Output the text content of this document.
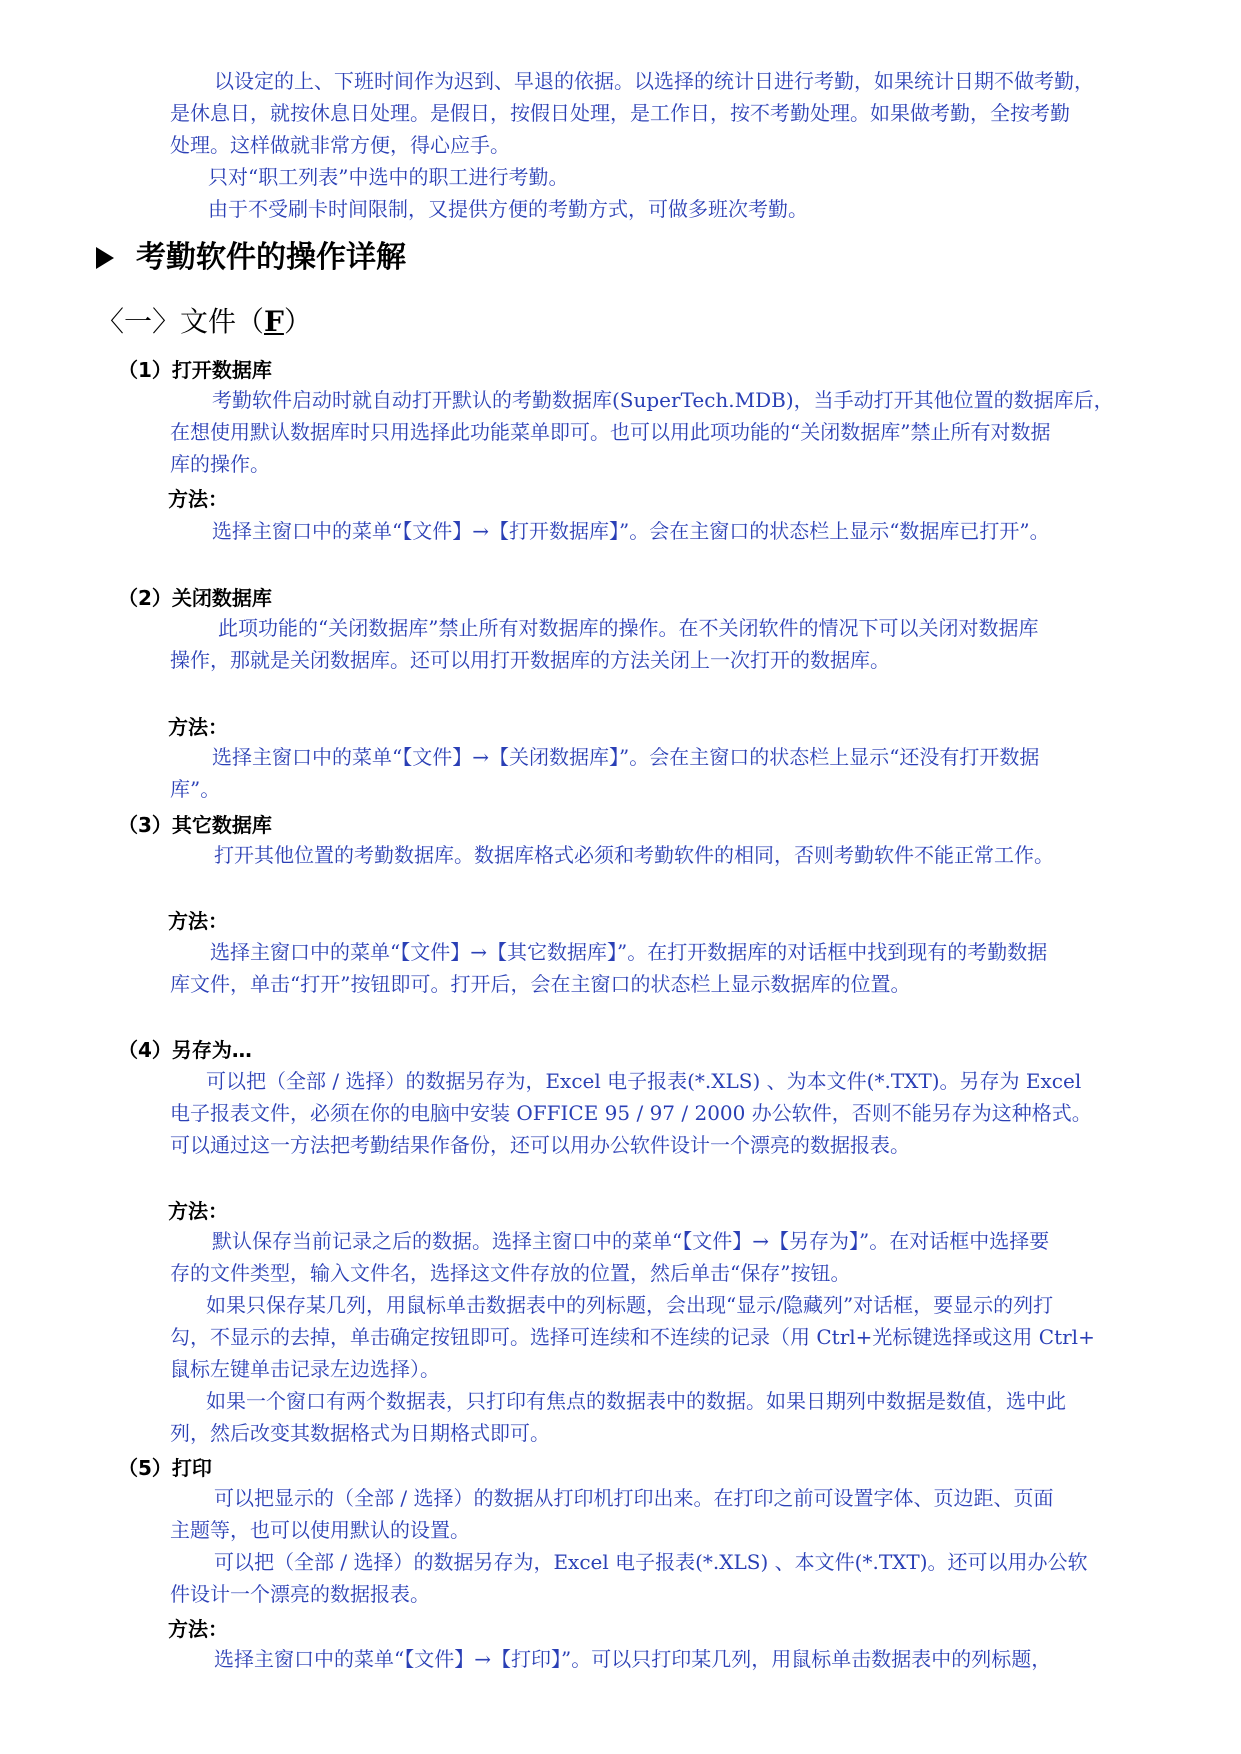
以设定的上、下班时间作为迟到、早退的依据。以选择的统计日进行考勤，如果统计日期不做考勤，
是休息日，就按休息日处理。是假日，按假日处理，是工作日，按不考勤处理。如果做考勤，全按考勤
处理。这样做就非常方便，得心应手。
只对“职工列表”中选中的职工进行考勤。
由于不受刷卡时间限制，又提供方便的考勤方式，可做多班次考勤。
考勤软件的操作详解
〈一〉文件（F）
（1）打开数据库
考勤软件启动时就自动打开默认的考勤数据库(SuperTech.MDB)，当手动打开其他位置的数据库后，
在想使用默认数据库时只用选择此功能菜单即可。也可以用此项功能的“关闭数据库”禁止所有对数据
库的操作。
方法：
选择主窗口中的菜单“【文件】→【打开数据库】”。会在主窗口的状态栏上显示“数据库已打开”。
（2）关闭数据库
此项功能的“关闭数据库”禁止所有对数据库的操作。在不关闭软件的情况下可以关闭对数据库
操作，那就是关闭数据库。还可以用打开数据库的方法关闭上一次打开的数据库。
方法：
选择主窗口中的菜单“【文件】→【关闭数据库】”。会在主窗口的状态栏上显示“还没有打开数据
库”。
（3）其它数据库
打开其他位置的考勤数据库。数据库格式必须和考勤软件的相同，否则考勤软件不能正常工作。
方法：
选择主窗口中的菜单“【文件】→【其它数据库】”。在打开数据库的对话框中找到现有的考勤数据
库文件，单击“打开”按钮即可。打开后，会在主窗口的状态栏上显示数据库的位置。
（4）另存为…
可以把（全部 / 选择）的数据另存为，Excel 电子报表(*.XLS) 、为本文件(*.TXT)。另存为 Excel
电子报表文件，必须在你的电脑中安装 OFFICE 95 / 97 / 2000 办公软件，否则不能另存为这种格式。
可以通过这一方法把考勤结果作备份，还可以用办公软件设计一个漂亮的数据报表。
方法：
默认保存当前记录之后的数据。选择主窗口中的菜单“【文件】→【另存为】”。在对话框中选择要
存的文件类型，输入文件名，选择这文件存放的位置，然后单击“保存”按钮。
如果只保存某几列，用鼠标单击数据表中的列标题，会出现“显示/隐藏列”对话框，要显示的列打
勾，不显示的去掉，单击确定按钮即可。选择可连续和不连续的记录（用 Ctrl+光标键选择或这用 Ctrl+
鼠标左键单击记录左边选择）。
如果一个窗口有两个数据表，只打印有焦点的数据表中的数据。如果日期列中数据是数值，选中此
列，然后改变其数据格式为日期格式即可。
（5）打印
可以把显示的（全部 / 选择）的数据从打印机打印出来。在打印之前可设置字体、页边距、页面
主题等，也可以使用默认的设置。
可以把（全部 / 选择）的数据另存为，Excel 电子报表(*.XLS) 、本文件(*.TXT)。还可以用办公软
件设计一个漂亮的数据报表。
方法：
选择主窗口中的菜单“【文件】→【打印】”。可以只打印某几列，用鼠标单击数据表中的列标题，
